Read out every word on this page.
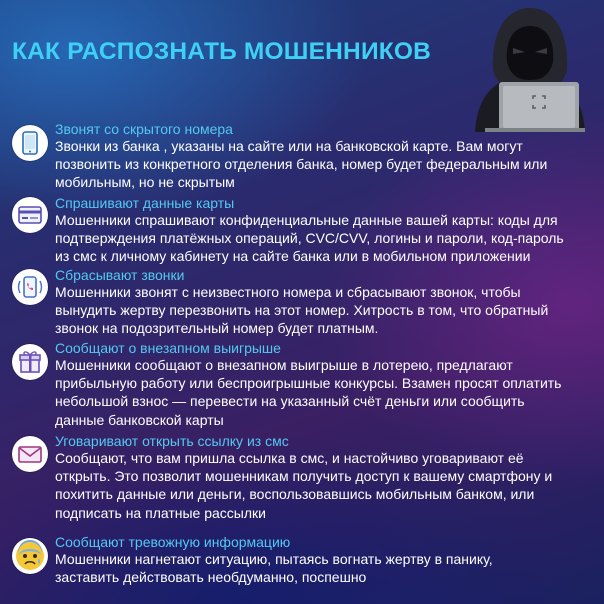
КАК РАСПОЗНАТЬ МОШЕННИКОВ
Звонят со скрытого номера
Звонки из банка , указаны на сайте или на банковской карте. Вам могут
позвонить из конкретного отделения банка, номер будет федеральным или
мобильным, но не скрытым
Спрашивают данные карты
Мошенники спрашивают конфиденциальные данные вашей карты: коды для
подтверждения платёжных операций, CVC/CVV, логины и пароли, код-пароль
из смс к личному кабинету на сайте банка или в мобильном приложении
Сбрасывают звонки
Мошенники звонят с неизвестного номера и сбрасывают звонок, чтобы
вынудить жертву перезвонить на этот номер. Хитрость в том, что обратный
звонок на подозрительный номер будет платным.
Сообщают о внезапном выигрыше
Мошенники сообщают о внезапном выигрыше в лотерею, предлагают
прибыльную работу или беспроигрышные конкурсы. Взамен просят оплатить
небольшой взнос — перевести на указанный счёт деньги или сообщить
данные банковской карты
Уговаривают открыть ссылку из смс
Сообщают, что вам пришла ссылка в смс, и настойчиво уговаривают её
открыть. Это позволит мошенникам получить доступ к вашему смартфону и
похитить данные или деньги, воспользовавшись мобильным банком, или
подписать на платные рассылки
Сообщают тревожную информацию
Мошенники нагнетают ситуацию, пытаясь вогнать жертву в панику,
заставить действовать необдуманно, поспешно
